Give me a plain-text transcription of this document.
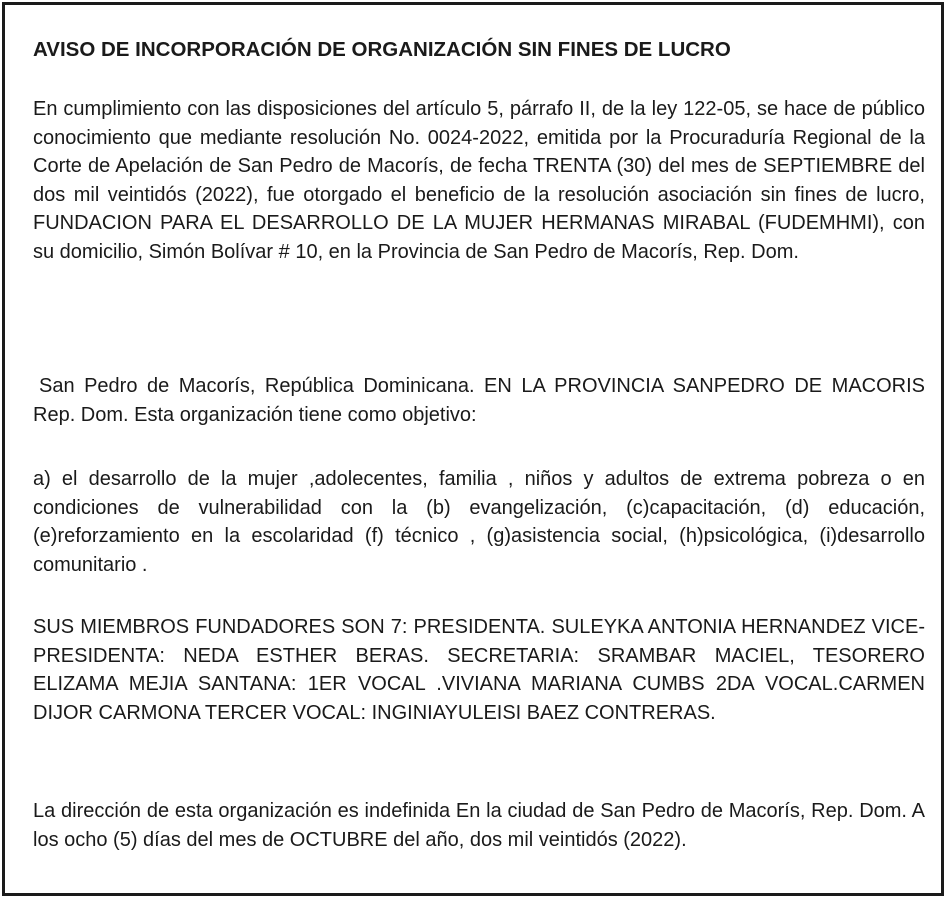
AVISO DE INCORPORACIÓN DE ORGANIZACIÓN SIN FINES DE LUCRO

En cumplimiento con las disposiciones del artículo 5, párrafo II, de la ley 122-05, se hace de público conocimiento que mediante resolución No. 0024-2022, emitida por la Procuraduría Regional de la Corte de Apelación de San Pedro de Macorís, de fecha TRENTA (30) del mes de SEPTIEMBRE del dos mil veintidós (2022), fue otorgado el beneficio de la resolución asociación sin fines de lucro, FUNDACION PARA EL DESARROLLO DE LA MUJER HERMANAS MIRABAL (FUDEMHMI), con su domicilio, Simón Bolívar # 10, en la Provincia de San Pedro de Macorís, Rep. Dom.

San Pedro de Macorís, República Dominicana. EN LA PROVINCIA SANPEDRO DE MACORIS Rep. Dom. Esta organización tiene como objetivo:

a) el desarrollo de la mujer ,adolecentes, familia , niños y adultos de extrema pobreza o en condiciones de vulnerabilidad con la (b) evangelización, (c)capacitación, (d) educación, (e)reforzamiento en la escolaridad (f) técnico , (g)asistencia social, (h)psicológica, (i)desarrollo comunitario .

SUS MIEMBROS FUNDADORES SON 7: PRESIDENTA. SULEYKA ANTONIA HERNANDEZ VICE-PRESIDENTA: NEDA ESTHER BERAS. SECRETARIA: SRAMBAR MACIEL, TESORERO ELIZAMA MEJIA SANTANA: 1ER VOCAL .VIVIANA MARIANA CUMBS 2DA VOCAL.CARMEN DIJOR CARMONA TERCER VOCAL: INGINIAYULEISI BAEZ CONTRERAS.

La dirección de esta organización es indefinida En la ciudad de San Pedro de Macorís, Rep. Dom. A los ocho (5) días del mes de OCTUBRE del año, dos mil veintidós (2022).
